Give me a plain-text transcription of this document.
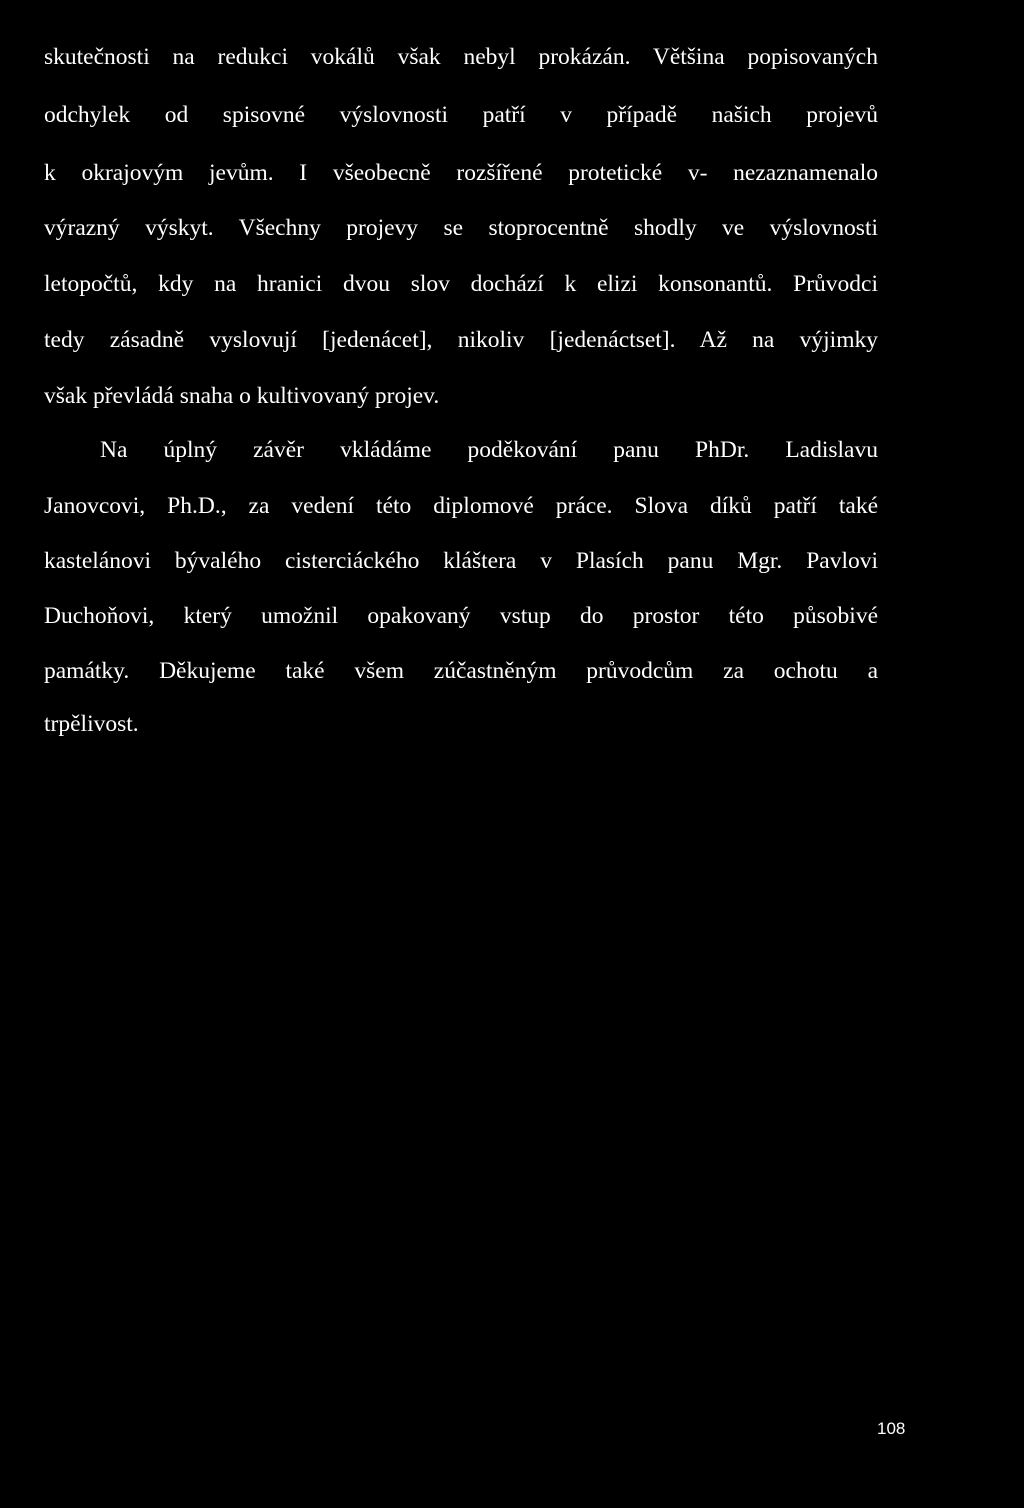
skutečnosti na redukci vokálů však nebyl prokázán. Většina popisovaných
odchylek od spisovné výslovnosti patří v případě našich projevů
k okrajovým jevům. I všeobecně rozšířené protetické v- nezaznamenalo
výrazný výskyt. Všechny projevy se stoprocentně shodly ve výslovnosti
letopočtů, kdy na hranici dvou slov dochází k elizi konsonantů. Průvodci
tedy zásadně vyslovují [jedenácet], nikoliv [jedenáctset]. Až na výjimky
však převládá snaha o kultivovaný projev.
Na úplný závěr vkládáme poděkování panu PhDr. Ladislavu
Janovcovi, Ph.D., za vedení této diplomové práce. Slova díků patří také
kastelánovi bývalého cisterciáckého kláštera v Plasích panu Mgr. Pavlovi
Duchoňovi, který umožnil opakovaný vstup do prostor této působivé
památky. Děkujeme také všem zúčastněným průvodcům za ochotu a
trpělivost.
108
